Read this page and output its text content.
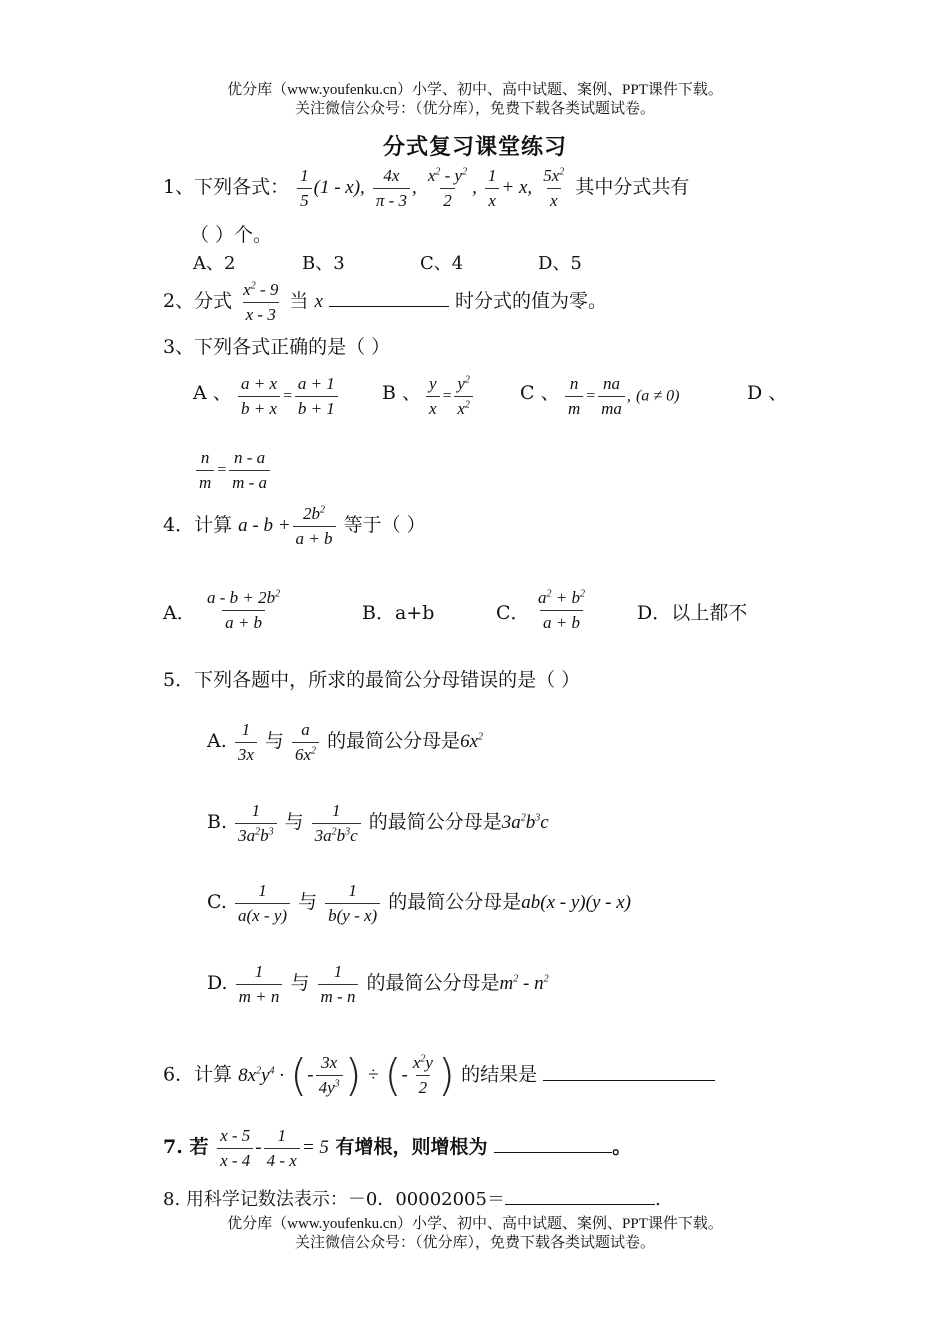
优分库（www.youfenku.cn）小学、初中、高中试题、案例、PPT课件下载。
关注微信公众号：（优分库），免费下载各类试题试卷。
分式复习课堂练习
1、下列各式： $\frac{1}{5} (1 - x)$, $\frac{4x}{\pi - 3}$ , $\frac{x^2 - y^2}{2}$ , $\frac{1}{x} + x$, $\frac{5x^2}{x}$ 其中分式共有
（ ）个。
A、2	B、3	C、4	D、5
2、分式 $\frac{x^2 - 9}{x - 3}$ 当 x	时分式的值为零。
3、下列各式正确的是（ ）
A 、 $\frac{a + x}{b + x} = \frac{a + 1}{b + 1}$ B 、 $\frac{y}{x} = \frac{y^2}{x^2}$ C 、 $\frac{n}{m} = \frac{na}{ma}$ , (a ≠ 0)	D 、
$\frac{n}{m} = \frac{n - a}{m - a}$
4．计算 $a - b + \frac{2b^2}{a + b}$ 等于（ ）
A． $\frac{a - b + 2b^2}{a + b}$	B．a+b	C． $\frac{a^2 + b^2}{a + b}$	D．以上都不
5．下列各题中，所求的最简公分母错误的是（ ）
A. $\frac{1}{3x}$ 与 $\frac{a}{6x^2}$ 的最简公分母是$6x^2$
B. $\frac{1}{3a^2b^3}$ 与 $\frac{1}{3a^2b^3c}$ 的最简公分母是$3a^2b^3c$
C. $\frac{1}{a(x - y)}$ 与 $\frac{1}{b(y - x)}$ 的最简公分母是ab(x - y)(y - x)
D. $\frac{1}{m + n}$ 与 $\frac{1}{m - n}$ 的最简公分母是$m^2 - n^2$
6．计算 $8x^2y^4$ · (- $\frac{3x}{4y^3}$ ) ÷ (- $\frac{x^2y}{2}$ ) 的结果是
7. 若 $\frac{x - 5}{x - 4} - \frac{1}{4 - x} = 5$ 有增根，则增根为	。
8. 用科学记数法表示：－0．00002005＝	.
优分库（www.youfenku.cn）小学、初中、高中试题、案例、PPT课件下载。
关注微信公众号：（优分库），免费下载各类试题试卷。
